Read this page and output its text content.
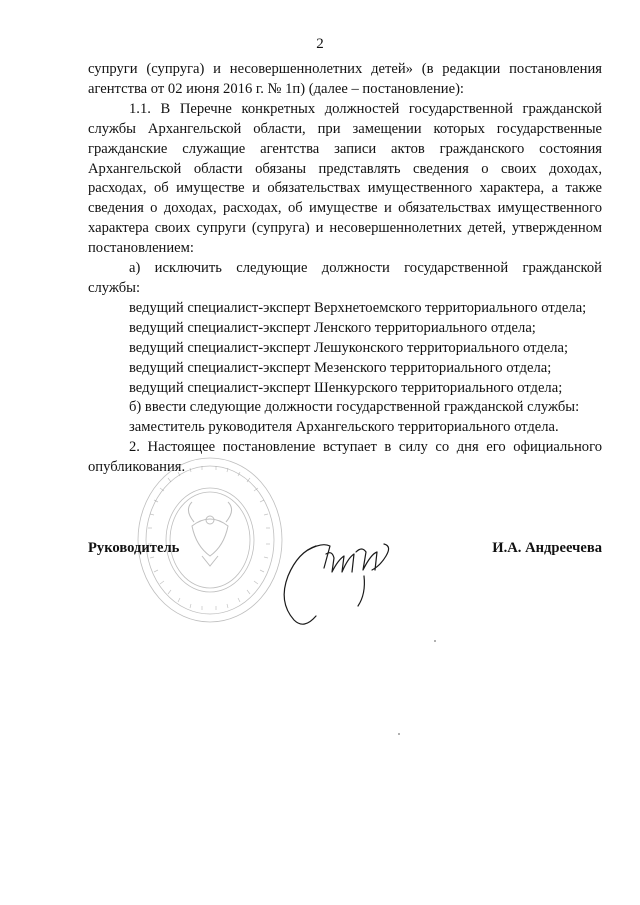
2

супруги (супруга) и несовершеннолетних детей» (в редакции постановления агентства от 02 июня 2016 г. № 1п) (далее – постановление):

1.1. В Перечне конкретных должностей государственной гражданской службы Архангельской области, при замещении которых государственные гражданские служащие агентства записи актов гражданского состояния Архангельской области обязаны представлять сведения о своих доходах, расходах, об имуществе и обязательствах имущественного характера, а также сведения о доходах, расходах, об имуществе и обязательствах имущественного характера своих супруги (супруга) и несовершеннолетних детей, утвержденном постановлением:

а) исключить следующие должности государственной гражданской службы:

ведущий специалист-эксперт Верхнетоемского территориального отдела;

ведущий специалист-эксперт Ленского территориального отдела;

ведущий специалист-эксперт Лешуконского территориального отдела;

ведущий специалист-эксперт Мезенского территориального отдела;

ведущий специалист-эксперт Шенкурского территориального отдела;

б) ввести следующие должности государственной гражданской службы:

заместитель руководителя Архангельского территориального отдела.

2. Настоящее постановление вступает в силу со дня его официального опубликования.

Руководитель	И.А. Андреечева
